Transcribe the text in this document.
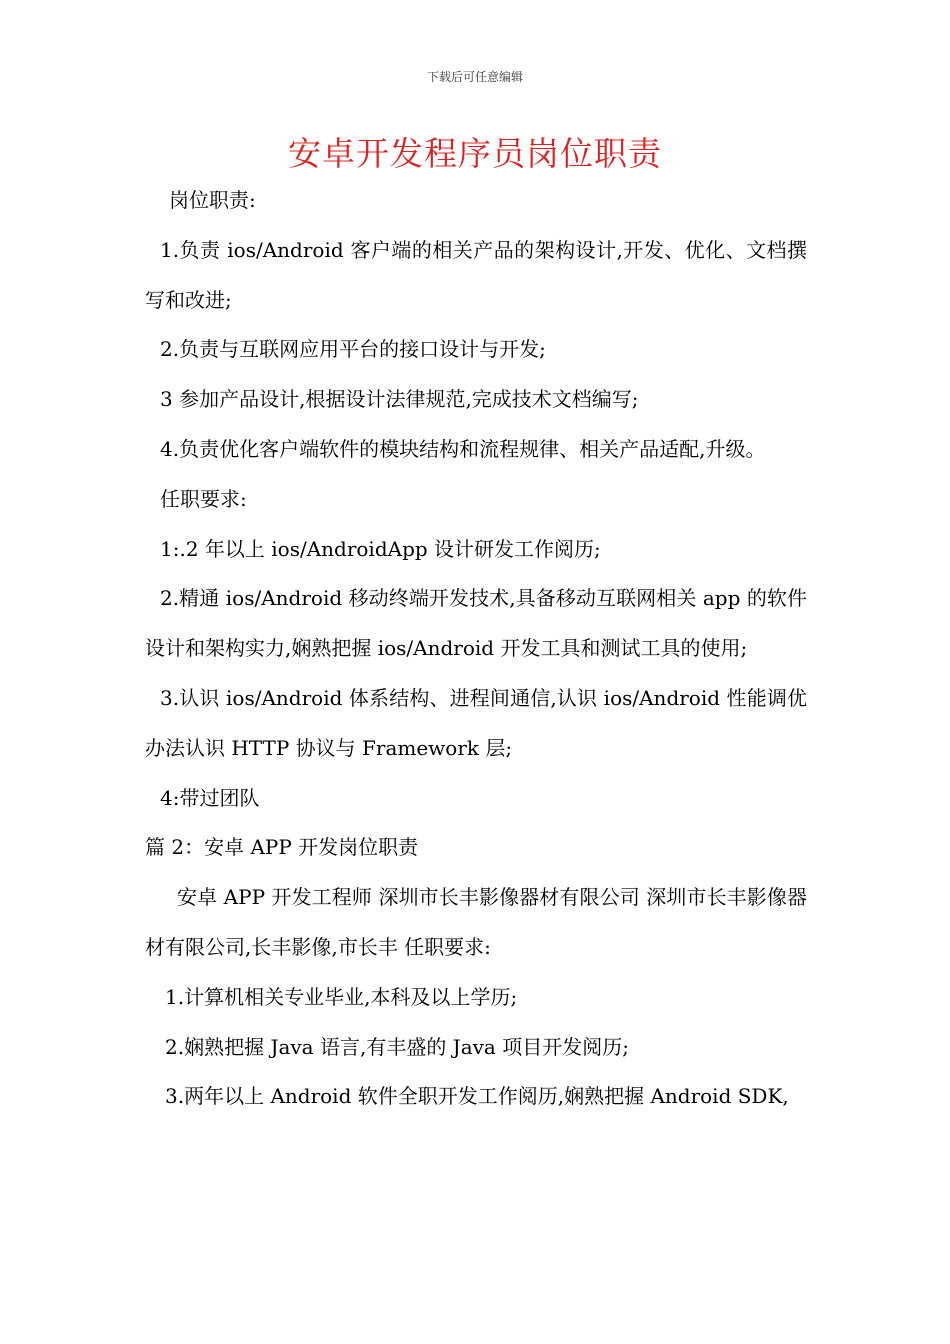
下载后可任意编辑
安卓开发程序员岗位职责

岗位职责:

1.负责 ios/Android 客户端的相关产品的架构设计,开发、优化、文档撰写和改进;

2.负责与互联网应用平台的接口设计与开发;

3 参加产品设计,根据设计法律规范,完成技术文档编写;

4.负责优化客户端软件的模块结构和流程规律、相关产品适配,升级。

任职要求:

1:.2 年以上 ios/AndroidApp 设计研发工作阅历;

2.精通 ios/Android 移动终端开发技术,具备移动互联网相关 app 的软件设计和架构实力,娴熟把握 ios/Android 开发工具和测试工具的使用;

3.认识 ios/Android 体系结构、进程间通信,认识 ios/Android 性能调优办法认识 HTTP 协议与 Framework 层;

4:带过团队

篇 2：安卓 APP 开发岗位职责

安卓 APP 开发工程师 深圳市长丰影像器材有限公司 深圳市长丰影像器材有限公司,长丰影像,市长丰 任职要求:

1.计算机相关专业毕业,本科及以上学历;

2.娴熟把握 Java 语言,有丰盛的 Java 项目开发阅历;

3.两年以上 Android 软件全职开发工作阅历,娴熟把握 Android SDK,
